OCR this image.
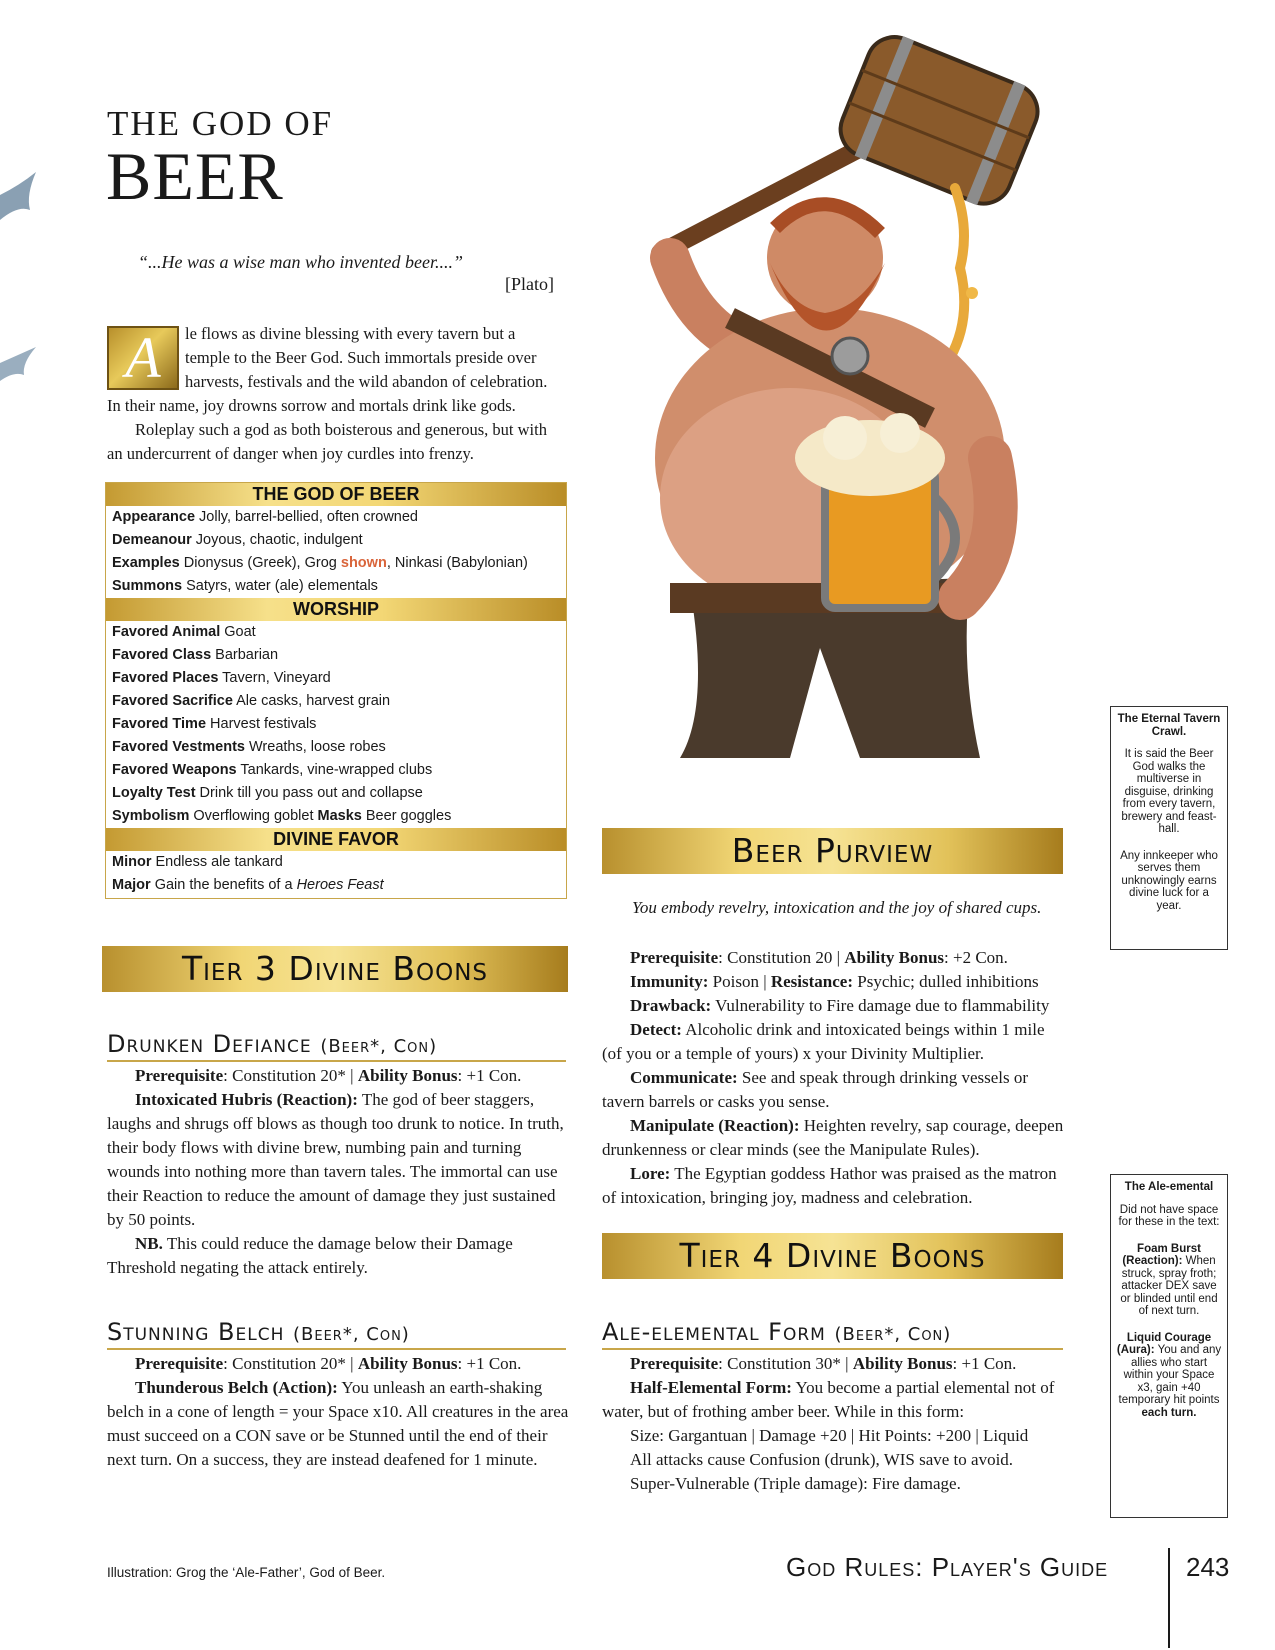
THE GOD OF
BEER
“...He was a wise man who invented beer....”
[Plato]
A	le flows as divine blessing with every tavern but a temple to the Beer God. Such immortals preside over harvests, festivals and the wild abandon of celebration. In their name, joy drowns sorrow and mortals drink like gods.

Roleplay such a god as both boisterous and generous, but with an undercurrent of danger when joy curdles into frenzy.

THE GOD OF BEER
Appearance Jolly, barrel-bellied, often crowned
Demeanour Joyous, chaotic, indulgent
Examples Dionysus (Greek), Grog shown, Ninkasi (Babylonian)
Summons Satyrs, water (ale) elementals
WORSHIP
Favored Animal Goat
Favored Class Barbarian
Favored Places Tavern, Vineyard
Favored Sacrifice Ale casks, harvest grain
Favored Time Harvest festivals
Favored Vestments Wreaths, loose robes
Favored Weapons Tankards, vine-wrapped clubs
Loyalty Test Drink till you pass out and collapse
Symbolism Overflowing goblet Masks Beer goggles
DIVINE FAVOR
Minor Endless ale tankard
Major Gain the benefits of a Heroes Feast
Tier 3 Divine Boons
Drunken Defiance (Beer*, Con)

Prerequisite: Constitution 20* | Ability Bonus: +1 Con.

Intoxicated Hubris (Reaction): The god of beer staggers, laughs and shrugs off blows as though too drunk to notice. In truth, their body flows with divine brew, numbing pain and turning wounds into nothing more than tavern tales. The immortal can use their Reaction to reduce the amount of damage they just sustained by 50 points.

NB. This could reduce the damage below their Damage Threshold negating the attack entirely.

Stunning Belch (Beer*, Con)

Prerequisite: Constitution 20* | Ability Bonus: +1 Con.

Thunderous Belch (Action): You unleash an earth-shaking belch in a cone of length = your Space x10. All creatures in the area must succeed on a CON save or be Stunned until the end of their next turn. On a success, they are instead deafened for 1 minute.

Beer Purview
You embody revelry, intoxication and the joy of shared cups.

Prerequisite: Constitution 20 | Ability Bonus: +2 Con.

Immunity: Poison | Resistance: Psychic; dulled inhibitions

Drawback: Vulnerability to Fire damage due to flammability

Detect: Alcoholic drink and intoxicated beings within 1 mile (of you or a temple of yours) x your Divinity Multiplier.

Communicate: See and speak through drinking vessels or tavern barrels or casks you sense.

Manipulate (Reaction): Heighten revelry, sap courage, deepen drunkenness or clear minds (see the Manipulate Rules).

Lore: The Egyptian goddess Hathor was praised as the matron of intoxication, bringing joy, madness and celebration.

Tier 4 Divine Boons
Ale-elemental Form (Beer*, Con)

Prerequisite: Constitution 30* | Ability Bonus: +1 Con.

Half-Elemental Form: You become a partial elemental not of water, but of frothing amber beer. While in this form:

Size: Gargantuan | Damage +20 | Hit Points: +200 | Liquid

All attacks cause Confusion (drunk), WIS save to avoid.

Super-Vulnerable (Triple damage): Fire damage.

The Eternal Tavern Crawl.

It is said the Beer God walks the multiverse in disguise, drinking from every tavern, brewery and feast-hall.

Any innkeeper who serves them unknowingly earns divine luck for a year.

The Ale-emental

Did not have space for these in the text:

Foam Burst (Reaction): When struck, spray froth; attacker DEX save or blinded until end of next turn.

Liquid Courage (Aura): You and any allies who start within your Space x3, gain +40 temporary hit points each turn.

Illustration: Grog the ‘Ale-Father’, God of Beer.	God Rules: Player's Guide	243
